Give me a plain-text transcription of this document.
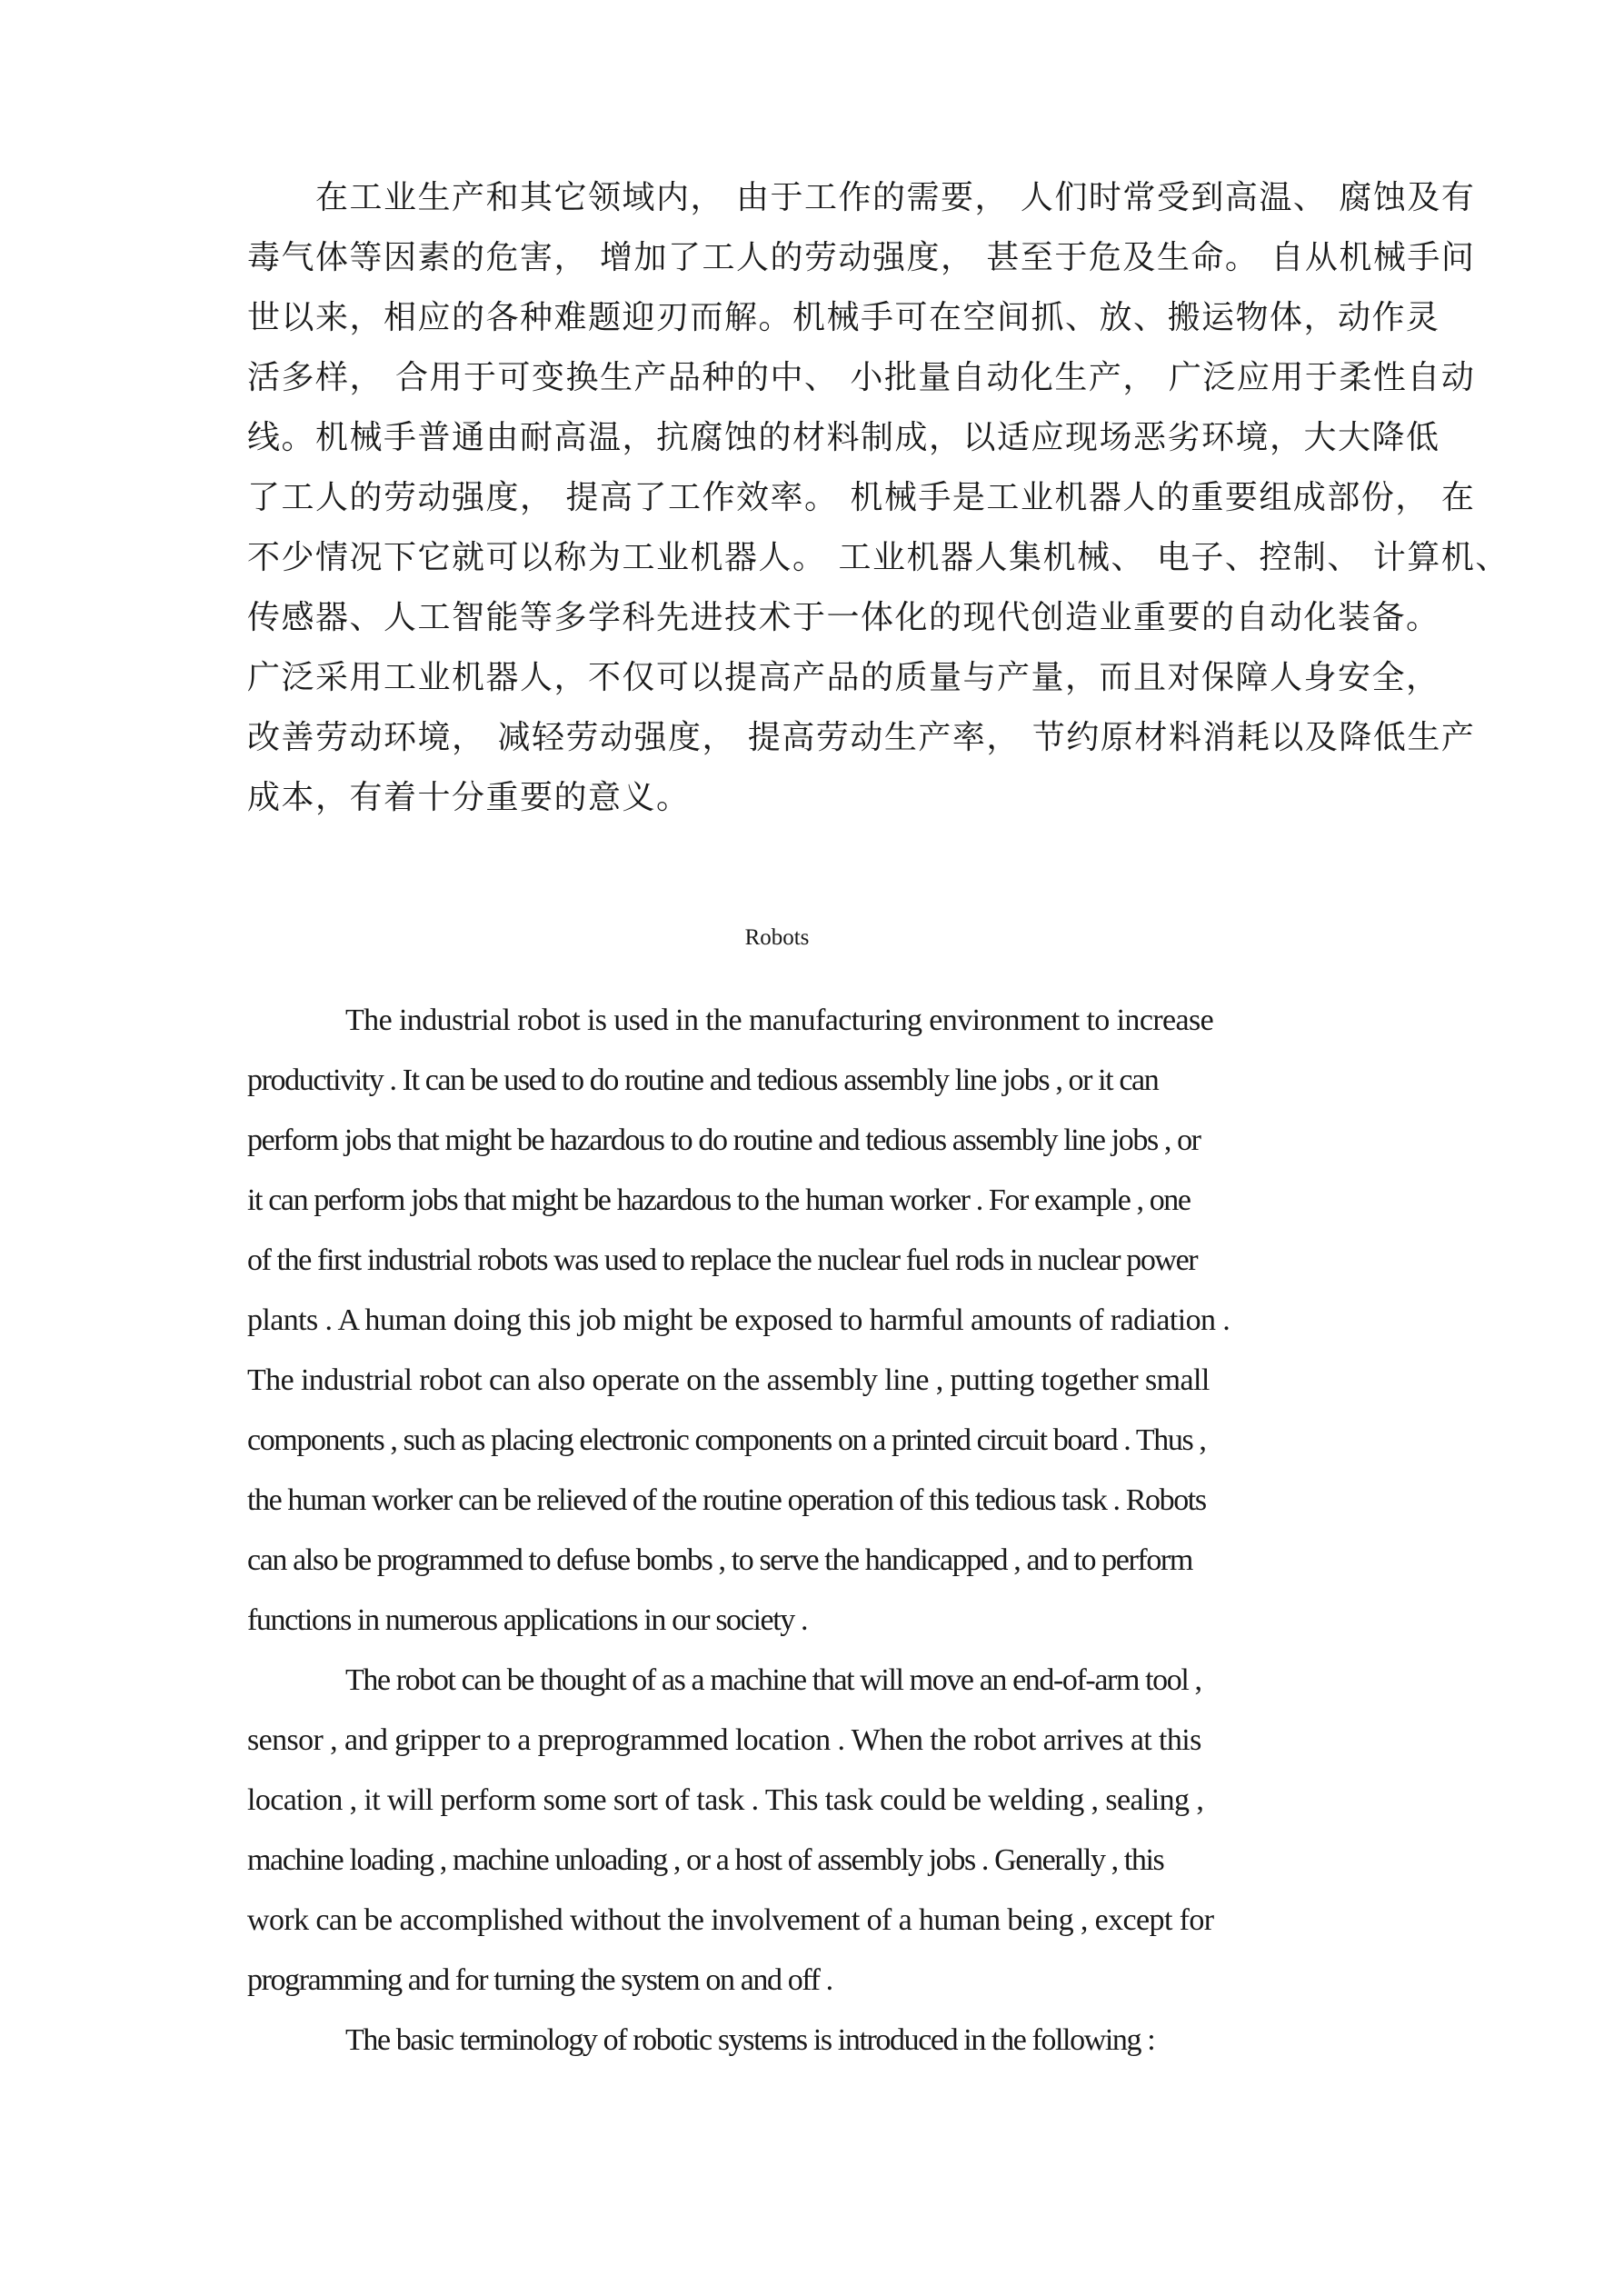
　　在工业生产和其它领域内， 由于工作的需要， 人们时常受到高温、 腐蚀及有
毒气体等因素的危害， 增加了工人的劳动强度， 甚至于危及生命。 自从机械手问
世以来，相应的各种难题迎刃而解。机械手可在空间抓、放、搬运物体，动作灵
活多样， 合用于可变换生产品种的中、 小批量自动化生产， 广泛应用于柔性自动
线。机械手普通由耐高温，抗腐蚀的材料制成，以适应现场恶劣环境，大大降低
了工人的劳动强度， 提高了工作效率。 机械手是工业机器人的重要组成部份， 在
不少情况下它就可以称为工业机器人。 工业机器人集机械、 电子、控制、 计算机、
传感器、人工智能等多学科先进技术于一体化的现代创造业重要的自动化装备。
广泛采用工业机器人，不仅可以提高产品的质量与产量，而且对保障人身安全，
改善劳动环境， 减轻劳动强度， 提高劳动生产率， 节约原材料消耗以及降低生产
成本，有着十分重要的意义。
Robots
The industrial robot is used in the manufacturing environment to increase
productivity . It can be used to do routine and tedious assembly line jobs , or it can
perform jobs that might be hazardous to do routine and tedious assembly line jobs , or
it can perform jobs that might be hazardous to the human worker . For example , one
of the first industrial robots was used to replace the nuclear fuel rods in nuclear power
plants . A human doing this job might be exposed to harmful amounts of radiation .
The industrial robot can also operate on the assembly line , putting together small
components , such as placing electronic components on a printed circuit board . Thus ,
the human worker can be relieved of the routine operation of this tedious task . Robots
can also be programmed to defuse bombs , to serve the handicapped , and to perform
functions in numerous applications in our society .
The robot can be thought of as a machine that will move an end-of-arm tool ,
sensor , and gripper to a preprogrammed location . When the robot arrives at this
location , it will perform some sort of task . This task could be welding , sealing ,
machine loading , machine unloading , or a host of assembly jobs . Generally , this
work can be accomplished without the involvement of a human being , except for
programming and for turning the system on and off .
The basic terminology of robotic systems is introduced in the following :
